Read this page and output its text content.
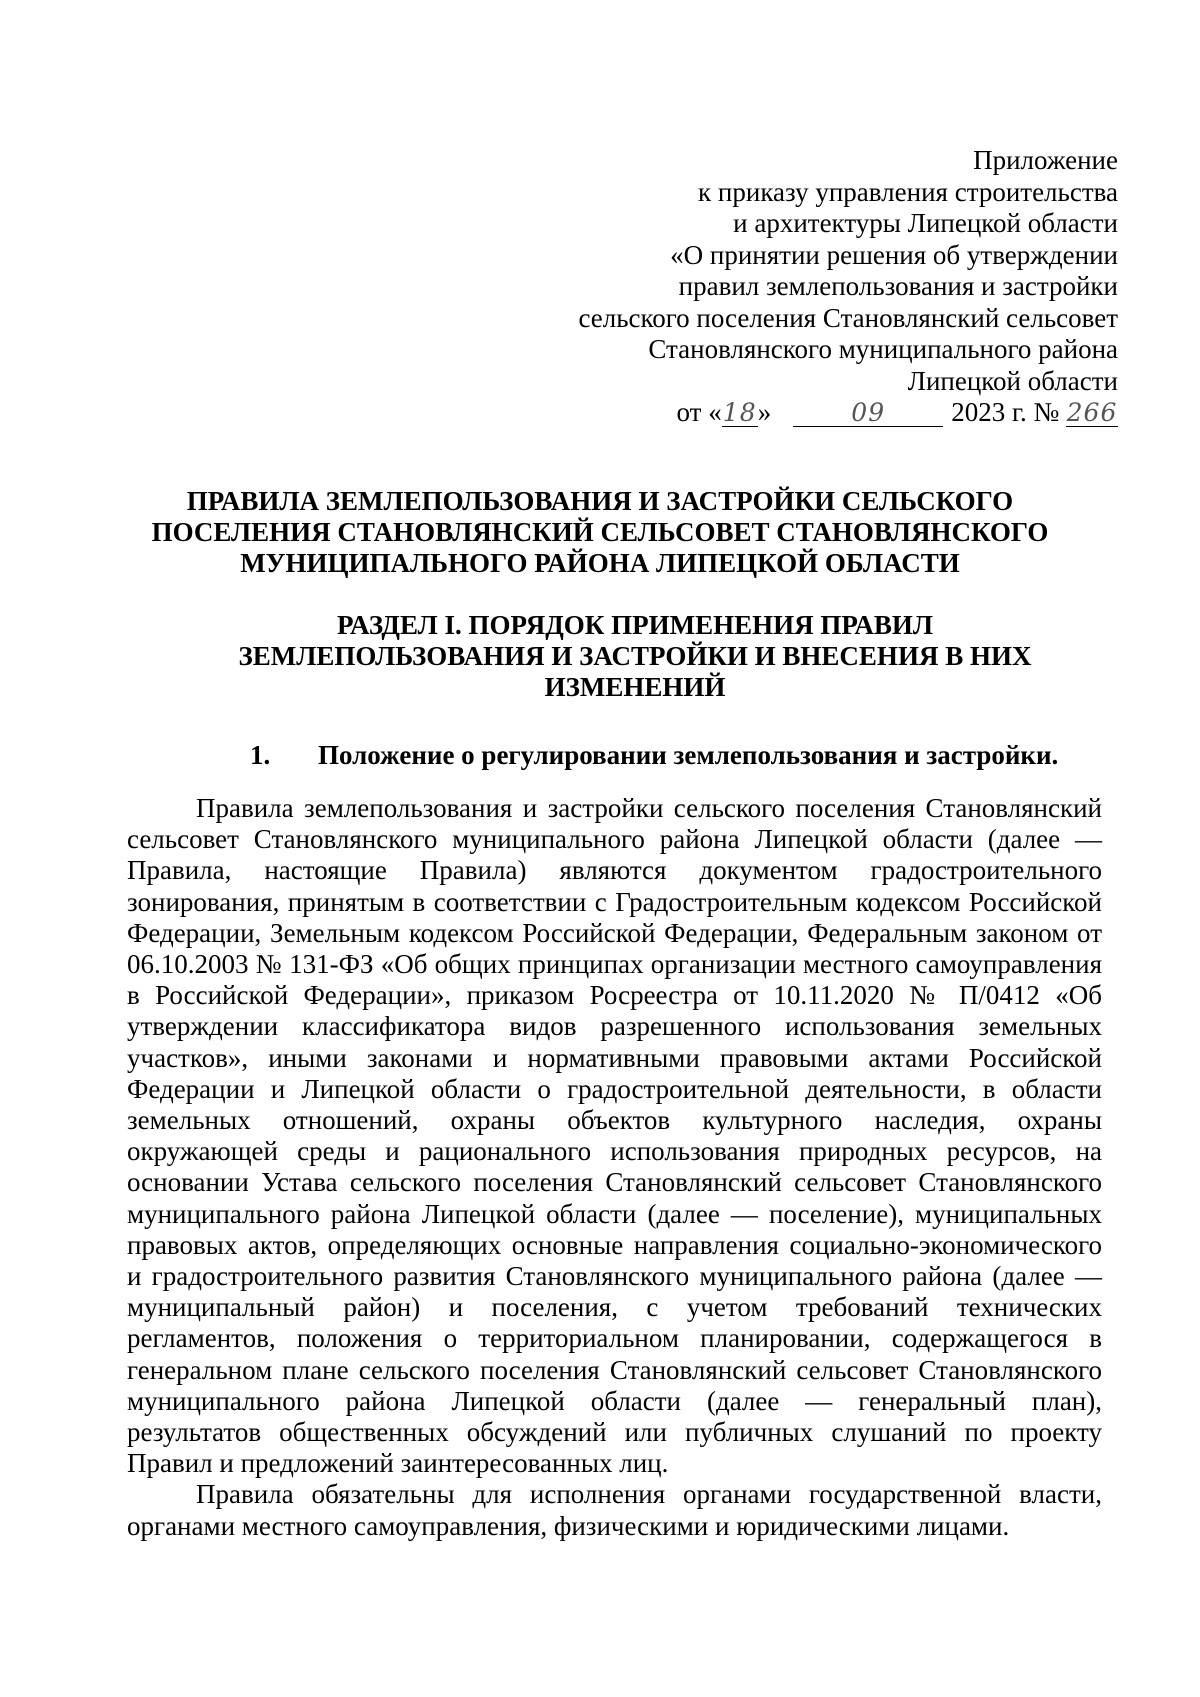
Приложение
к приказу управления строительства
и архитектуры Липецкой области
«О принятии решения об утверждении
правил землепользования и застройки
сельского поселения Становлянский сельсовет
Становлянского муниципального района
Липецкой области
от «18»	09 2023 г. № 266
ПРАВИЛА ЗЕМЛЕПОЛЬЗОВАНИЯ И ЗАСТРОЙКИ СЕЛЬСКОГО
ПОСЕЛЕНИЯ СТАНОВЛЯНСКИЙ СЕЛЬСОВЕТ СТАНОВЛЯНСКОГО
МУНИЦИПАЛЬНОГО РАЙОНА ЛИПЕЦКОЙ ОБЛАСТИ
РАЗДЕЛ I. ПОРЯДОК ПРИМЕНЕНИЯ ПРАВИЛ
ЗЕМЛЕПОЛЬЗОВАНИЯ И ЗАСТРОЙКИ И ВНЕСЕНИЯ В НИХ
ИЗМЕНЕНИЙ
1. Положение о регулировании землепользования и застройки.

Правила землепользования и застройки сельского поселения Становлянский сельсовет Становлянского муниципального района Липецкой области (далее — Правила, настоящие Правила) являются документом градостроительного зонирования, принятым в соответствии с Градостроительным кодексом Российской Федерации, Земельным кодексом Российской Федерации, Федеральным законом от 06.10.2003 № 131-ФЗ «Об общих принципах организации местного самоуправления в Российской Федерации», приказом Росреестра от 10.11.2020 № П/0412 «Об утверждении классификатора видов разрешенного использования земельных участков», иными законами и нормативными правовыми актами Российской Федерации и Липецкой области о градостроительной деятельности, в области земельных отношений, охраны объектов культурного наследия, охраны окружающей среды и рационального использования природных ресурсов, на основании Устава сельского поселения Становлянский сельсовет Становлянского муниципального района Липецкой области (далее — поселение), муниципальных правовых актов, определяющих основные направления социально-экономического и градостроительного развития Становлянского муниципального района (далее — муниципальный район) и поселения, с учетом требований технических регламентов, положения о территориальном планировании, содержащегося в генеральном плане сельского поселения Становлянский сельсовет Становлянского муниципального района Липецкой области (далее — генеральный план), результатов общественных обсуждений или публичных слушаний по проекту Правил и предложений заинтересованных лиц.

Правила обязательны для исполнения органами государственной власти, органами местного самоуправления, физическими и юридическими лицами.
